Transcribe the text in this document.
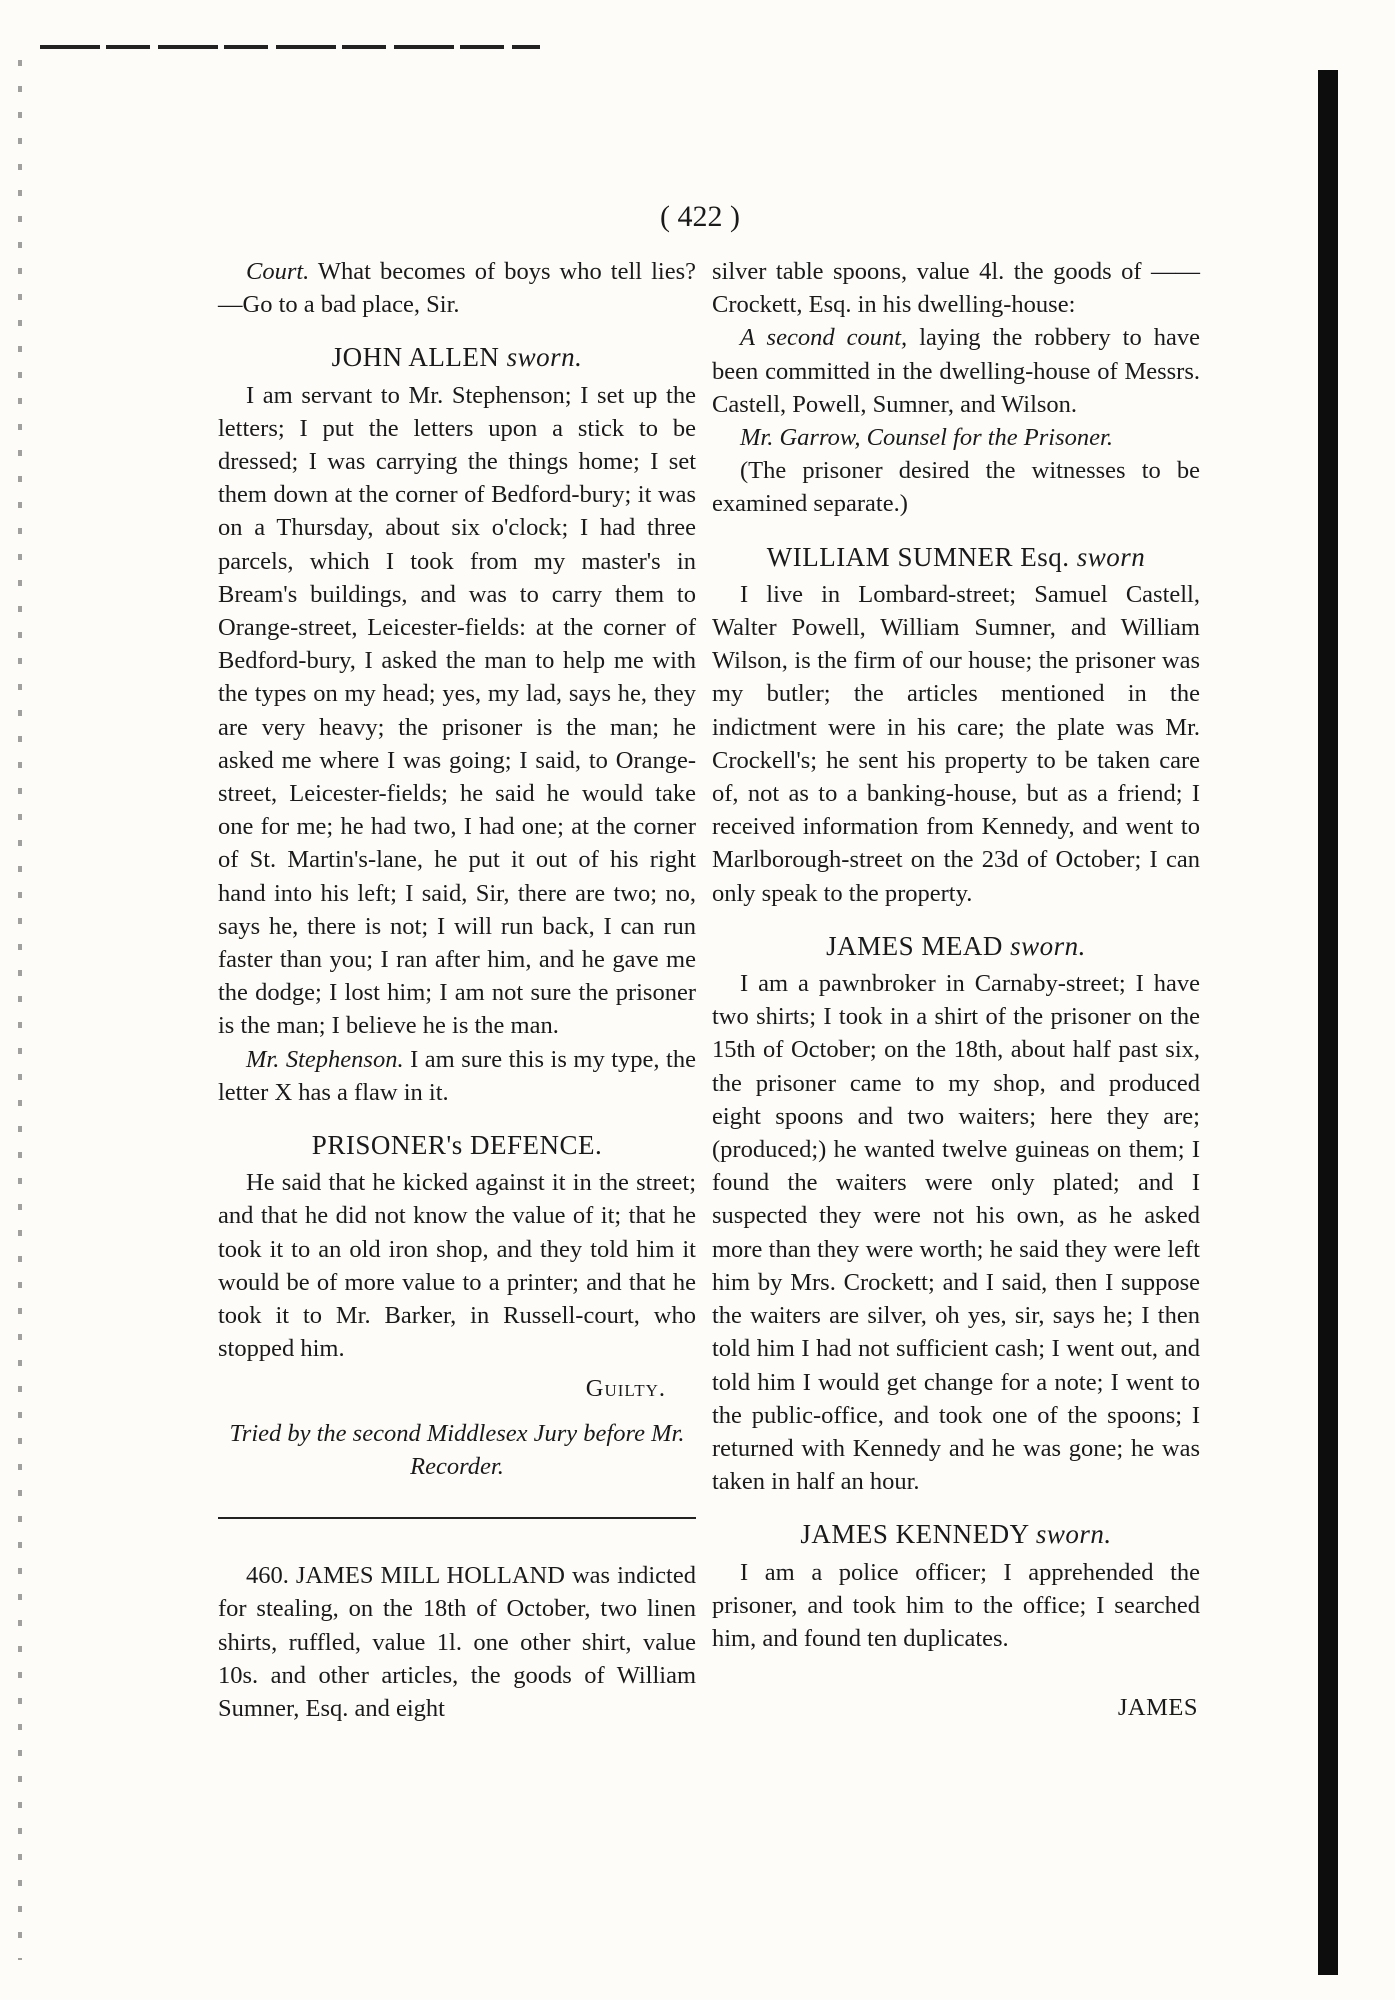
( 422 )

Court. What becomes of boys who tell lies?—Go to a bad place, Sir.

JOHN ALLEN sworn.

I am servant to Mr. Stephenson; I set up the letters; I put the letters upon a stick to be dressed; I was carrying the things home; I set them down at the corner of Bedford-bury; it was on a Thursday, about six o'clock; I had three parcels, which I took from my master's in Bream's buildings, and was to carry them to Orange-street, Leicester-fields: at the corner of Bedford-bury, I asked the man to help me with the types on my head; yes, my lad, says he, they are very heavy; the prisoner is the man; he asked me where I was going; I said, to Orange-street, Leicester-fields; he said he would take one for me; he had two, I had one; at the corner of St. Martin's-lane, he put it out of his right hand into his left; I said, Sir, there are two; no, says he, there is not; I will run back, I can run faster than you; I ran after him, and he gave me the dodge; I lost him; I am not sure the prisoner is the man; I believe he is the man.

Mr. Stephenson. I am sure this is my type, the letter X has a flaw in it.

PRISONER's DEFENCE.

He said that he kicked against it in the street; and that he did not know the value of it; that he took it to an old iron shop, and they told him it would be of more value to a printer; and that he took it to Mr. Barker, in Russell-court, who stopped him.

Guilty.
Tried by the second Middlesex Jury before Mr. Recorder.

460. JAMES MILL HOLLAND was indicted for stealing, on the 18th of October, two linen shirts, ruffled, value 1l. one other shirt, value 10s. and other articles, the goods of William Sumner, Esq. and eight

silver table spoons, value 4l. the goods of —— Crockett, Esq. in his dwelling-house:

A second count, laying the robbery to have been committed in the dwelling-house of Messrs. Castell, Powell, Sumner, and Wilson.

Mr. Garrow, Counsel for the Prisoner.

(The prisoner desired the witnesses to be examined separate.)

WILLIAM SUMNER Esq. sworn

I live in Lombard-street; Samuel Castell, Walter Powell, William Sumner, and William Wilson, is the firm of our house; the prisoner was my butler; the articles mentioned in the indictment were in his care; the plate was Mr. Crockell's; he sent his property to be taken care of, not as to a banking-house, but as a friend; I received information from Kennedy, and went to Marlborough-street on the 23d of October; I can only speak to the property.

JAMES MEAD sworn.

I am a pawnbroker in Carnaby-street; I have two shirts; I took in a shirt of the prisoner on the 15th of October; on the 18th, about half past six, the prisoner came to my shop, and produced eight spoons and two waiters; here they are; (produced;) he wanted twelve guineas on them; I found the waiters were only plated; and I suspected they were not his own, as he asked more than they were worth; he said they were left him by Mrs. Crockett; and I said, then I suppose the waiters are silver, oh yes, sir, says he; I then told him I had not sufficient cash; I went out, and told him I would get change for a note; I went to the public-office, and took one of the spoons; I returned with Kennedy and he was gone; he was taken in half an hour.

JAMES KENNEDY sworn.

I am a police officer; I apprehended the prisoner, and took him to the office; I searched him, and found ten duplicates.

JAMES
